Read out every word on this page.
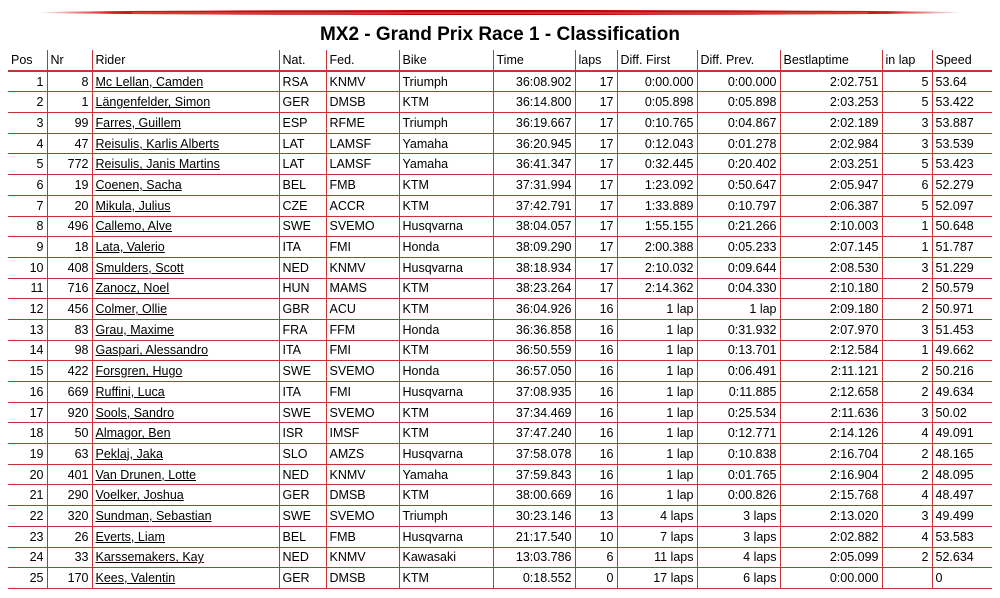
MX2 - Grand Prix Race 1 - Classification
Pos	Nr	Rider	Nat.	Fed.	Bike	Time	laps	Diff. First	Diff. Prev.	Bestlaptime	in lap	Speed
1	8	Mc Lellan, Camden	RSA	KNMV	Triumph	36:08.902	17	0:00.000	0:00.000	2:02.751	5	53.64
2	1	Längenfelder, Simon	GER	DMSB	KTM	36:14.800	17	0:05.898	0:05.898	2:03.253	5	53.422
3	99	Farres, Guillem	ESP	RFME	Triumph	36:19.667	17	0:10.765	0:04.867	2:02.189	3	53.887
4	47	Reisulis, Karlis Alberts	LAT	LAMSF	Yamaha	36:20.945	17	0:12.043	0:01.278	2:02.984	3	53.539
5	772	Reisulis, Janis Martins	LAT	LAMSF	Yamaha	36:41.347	17	0:32.445	0:20.402	2:03.251	5	53.423
6	19	Coenen, Sacha	BEL	FMB	KTM	37:31.994	17	1:23.092	0:50.647	2:05.947	6	52.279
7	20	Mikula, Julius	CZE	ACCR	KTM	37:42.791	17	1:33.889	0:10.797	2:06.387	5	52.097
8	496	Callemo, Alve	SWE	SVEMO	Husqvarna	38:04.057	17	1:55.155	0:21.266	2:10.003	1	50.648
9	18	Lata, Valerio	ITA	FMI	Honda	38:09.290	17	2:00.388	0:05.233	2:07.145	1	51.787
10	408	Smulders, Scott	NED	KNMV	Husqvarna	38:18.934	17	2:10.032	0:09.644	2:08.530	3	51.229
11	716	Zanocz, Noel	HUN	MAMS	KTM	38:23.264	17	2:14.362	0:04.330	2:10.180	2	50.579
12	456	Colmer, Ollie	GBR	ACU	KTM	36:04.926	16	1 lap	1 lap	2:09.180	2	50.971
13	83	Grau, Maxime	FRA	FFM	Honda	36:36.858	16	1 lap	0:31.932	2:07.970	3	51.453
14	98	Gaspari, Alessandro	ITA	FMI	KTM	36:50.559	16	1 lap	0:13.701	2:12.584	1	49.662
15	422	Forsgren, Hugo	SWE	SVEMO	Honda	36:57.050	16	1 lap	0:06.491	2:11.121	2	50.216
16	669	Ruffini, Luca	ITA	FMI	Husqvarna	37:08.935	16	1 lap	0:11.885	2:12.658	2	49.634
17	920	Sools, Sandro	SWE	SVEMO	KTM	37:34.469	16	1 lap	0:25.534	2:11.636	3	50.02
18	50	Almagor, Ben	ISR	IMSF	KTM	37:47.240	16	1 lap	0:12.771	2:14.126	4	49.091
19	63	Peklaj, Jaka	SLO	AMZS	Husqvarna	37:58.078	16	1 lap	0:10.838	2:16.704	2	48.165
20	401	Van Drunen, Lotte	NED	KNMV	Yamaha	37:59.843	16	1 lap	0:01.765	2:16.904	2	48.095
21	290	Voelker, Joshua	GER	DMSB	KTM	38:00.669	16	1 lap	0:00.826	2:15.768	4	48.497
22	320	Sundman, Sebastian	SWE	SVEMO	Triumph	30:23.146	13	4 laps	3 laps	2:13.020	3	49.499
23	26	Everts, Liam	BEL	FMB	Husqvarna	21:17.540	10	7 laps	3 laps	2:02.882	4	53.583
24	33	Karssemakers, Kay	NED	KNMV	Kawasaki	13:03.786	6	11 laps	4 laps	2:05.099	2	52.634
25	170	Kees, Valentin	GER	DMSB	KTM	0:18.552	0	17 laps	6 laps	0:00.000		0
